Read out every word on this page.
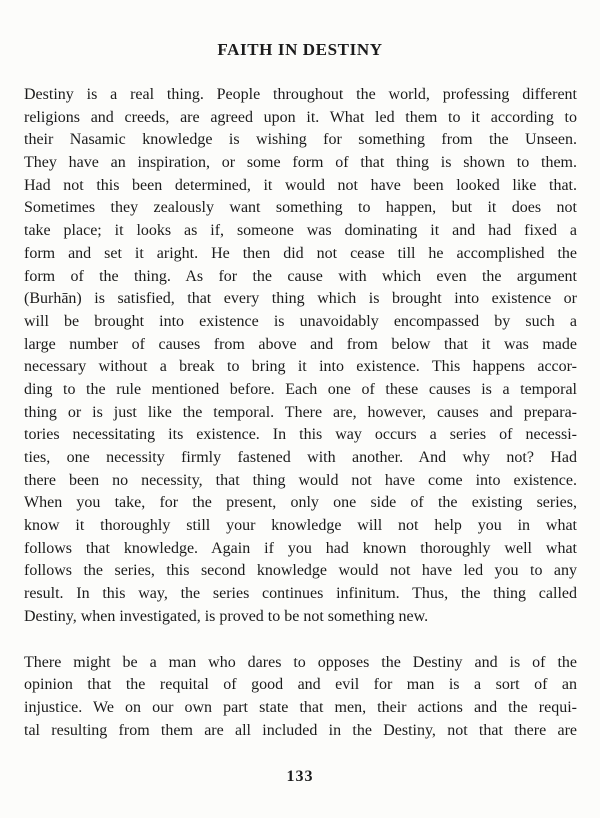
FAITH IN DESTINY
Destiny is a real thing. People throughout the world, professing different
religions and creeds, are agreed upon it. What led them to it according to
their Nasamic knowledge is wishing for something from the Unseen.
They have an inspiration, or some form of that thing is shown to them.
Had not this been determined, it would not have been looked like that.
Sometimes they zealously want something to happen, but it does not
take place; it looks as if, someone was dominating it and had fixed a
form and set it aright. He then did not cease till he accomplished the
form of the thing. As for the cause with which even the argument
(Burhān) is satisfied, that every thing which is brought into existence or
will be brought into existence is unavoidably encompassed by such a
large number of causes from above and from below that it was made
necessary without a break to bring it into existence. This happens accor-
ding to the rule mentioned before. Each one of these causes is a temporal
thing or is just like the temporal. There are, however, causes and prepara-
tories necessitating its existence. In this way occurs a series of necessi-
ties, one necessity firmly fastened with another. And why not? Had
there been no necessity, that thing would not have come into existence.
When you take, for the present, only one side of the existing series,
know it thoroughly still your knowledge will not help you in what
follows that knowledge. Again if you had known thoroughly well what
follows the series, this second knowledge would not have led you to any
result. In this way, the series continues infinitum. Thus, the thing called
Destiny, when investigated, is proved to be not something new.
There might be a man who dares to opposes the Destiny and is of the
opinion that the requital of good and evil for man is a sort of an
injustice. We on our own part state that men, their actions and the requi-
tal resulting from them are all included in the Destiny, not that there are
133
